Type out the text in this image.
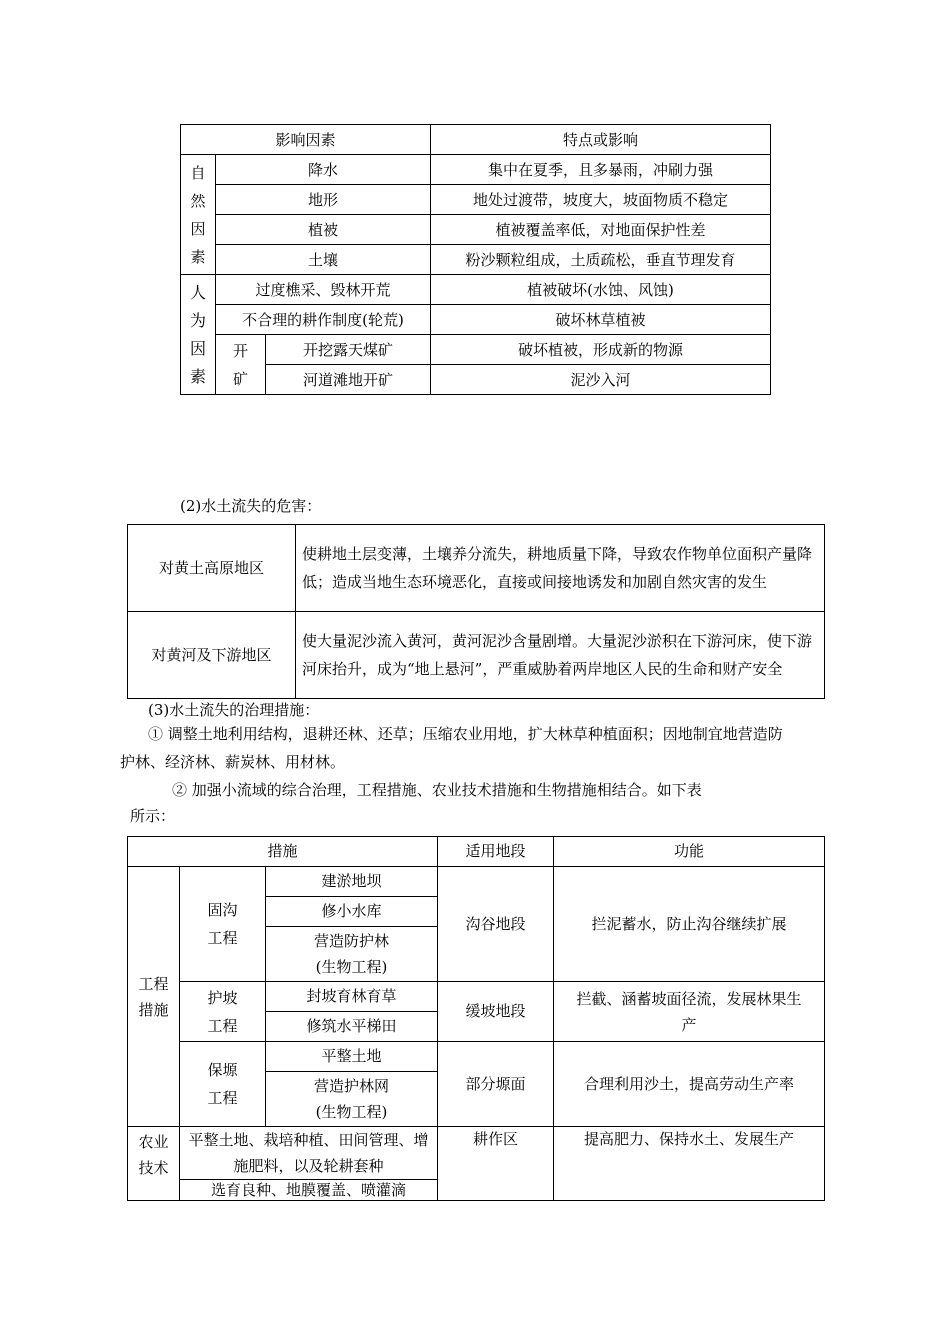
影响因素			特点或影响
自然因素	降水		集中在夏季，且多暴雨，冲刷力强
	地形		地处过渡带，坡度大，坡面物质不稳定
	植被		植被覆盖率低，对地面保护性差
	土壤		粉沙颗粒组成，土质疏松，垂直节理发育
人为因素	过度樵采、毁林开荒		植被破坏(水蚀、风蚀)
	不合理的耕作制度(轮荒)		破坏林草植被
	开矿	开挖露天煤矿	破坏植被，形成新的物源
		河道滩地开矿	泥沙入河
(2)水土流失的危害：
对黄土高原地区	使耕地土层变薄，土壤养分流失，耕地质量下降，导致农作物单位面积产量降低；造成当地生态环境恶化，直接或间接地诱发和加剧自然灾害的发生
对黄河及下游地区	使大量泥沙流入黄河，黄河泥沙含量剧增。大量泥沙淤积在下游河床，使下游河床抬升，成为“地上悬河”，严重威胁着两岸地区人民的生命和财产安全
(3)水土流失的治理措施：
① 调整土地利用结构，退耕还林、还草；压缩农业用地，扩大林草种植面积；因地制宜地营造防护林、经济林、薪炭林、用材林。
② 加强小流域的综合治理，工程措施、农业技术措施和生物措施相结合。如下表
所示：
措施			适用地段	功能
工程措施	固沟工程	建淤地坝	沟谷地段	拦泥蓄水，防止沟谷继续扩展
		修小水库		
		营造防护林(生物工程)		
	护坡工程	封坡育林育草	缓坡地段	拦截、涵蓄坡面径流，发展林果生产
		修筑水平梯田		
	保塬工程	平整土地	部分塬面	合理利用沙土，提高劳动生产率
		营造护林网(生物工程)		
农业技术	平整土地、栽培种植、田间管理、增施肥料，以及轮耕套种		耕作区	提高肥力、保持水土、发展生产
	选育良种、地膜覆盖、喷灌滴			
